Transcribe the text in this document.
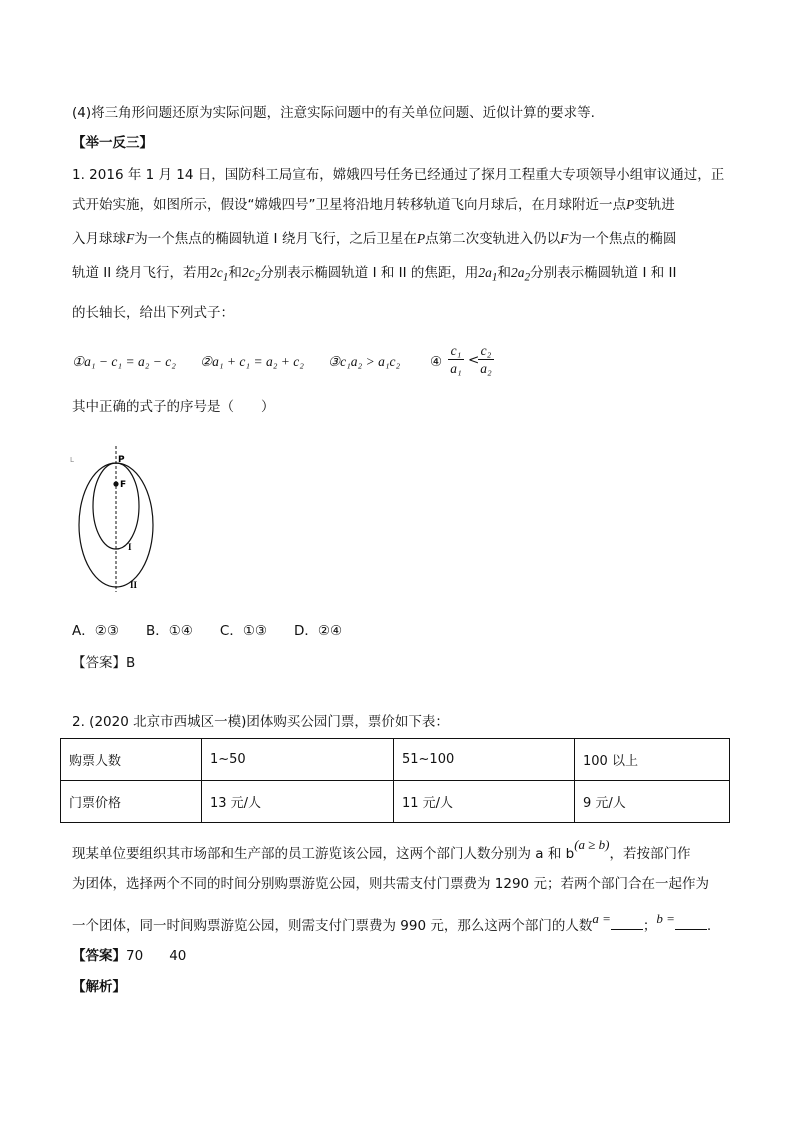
(4)将三角形问题还原为实际问题，注意实际问题中的有关单位问题、近似计算的要求等.
【举一反三】
1. 2016 年 1 月 14 日，国防科工局宣布，嫦娥四号任务已经通过了探月工程重大专项领导小组审议通过，正
式开始实施，如图所示，假设“嫦娥四号”卫星将沿地月转移轨道飞向月球后，在月球附近一点P变轨进
入月球球F为一个焦点的椭圆轨道 I 绕月飞行，之后卫星在P点第二次变轨进入仍以F为一个焦点的椭圆
轨道 II 绕月飞行，若用$2c_1$和$2c_2$分别表示椭圆轨道 I 和 II 的焦距，用$2a_1$和$2a_2$分别表示椭圆轨道 I 和 II
的长轴长，给出下列式子：
①a₁ − c₁ = a₂ − c₂ ②a₁ + c₁ = a₂ + c₂ ③c₁a₂ > a₁c₂ ④ $\frac{\text{c₁}}{\text{a₁}}$ <
$\frac{\text{c₂}}{\text{a₂}}$
其中正确的式子的序号是（　　）
L	P
F
I
II
A．②③　　B．①④　　C．①③　　D．②④
【答案】B
2. (2020 北京市西城区一模)团体购买公园门票，票价如下表：
购票人数	1~50	51~100	100 以上
门票价格	13 元/人	11 元/人	9 元/人
现某单位要组织其市场部和生产部的员工游览该公园，这两个部门人数分别为 a 和 b(a ≥ b)，若按部门作
为团体，选择两个不同的时间分别购票游览公园，则共需支付门票费为 1290 元；若两个部门合在一起作为
一个团体，同一时间购票游览公园，则需支付门票费为 990 元，那么这两个部门的人数a = ；b = .
【答案】70 40
【解析】
